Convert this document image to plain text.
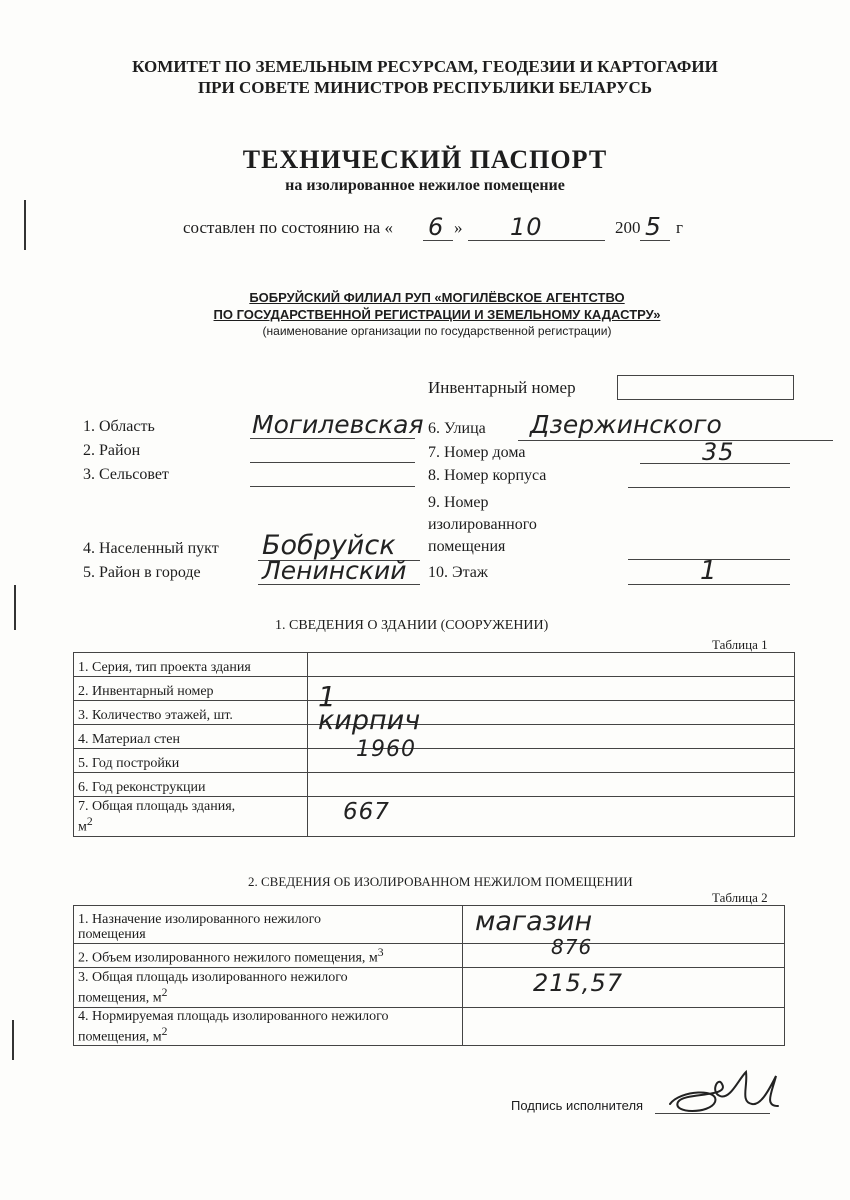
КОМИТЕТ ПО ЗЕМЕЛЬНЫМ РЕСУРСАМ, ГЕОДЕЗИИ И КАРТОГАФИИ
ПРИ СОВЕТЕ МИНИСТРОВ РЕСПУБЛИКИ БЕЛАРУСЬ
ТЕХНИЧЕСКИЙ ПАСПОРТ
на изолированное нежилое помещение
составлен по состоянию на « 6 » 10	200 5 г
БОБРУЙСКИЙ ФИЛИАЛ РУП «МОГИЛЁВСКОЕ АГЕНТСТВО
ПО ГОСУДАРСТВЕННОЙ РЕГИСТРАЦИИ И ЗЕМЕЛЬНОМУ КАДАСТРУ»
(наименование организации по государственной регистрации)
Инвентарный номер
1. Область	Могилевская
2. Район
3. Сельсовет
4. Населенный пукт Бобруйск
5. Район в городе Ленинский
6. Улица Дзержинского
7. Номер дома	35
8. Номер корпуса
9. Номер
изолированного
помещения
10. Этаж	1
1. СВЕДЕНИЯ О ЗДАНИИ (СООРУЖЕНИИ)
Таблица 1
1. Серия, тип проекта здания	
2. Инвентарный номер	
3. Количество этажей, шт.	1

4. Материал стен	кирпич

5. Год постройки	1960

6. Год реконструкции	
7. Общая площадь здания,
$м^2$	667
2. СВЕДЕНИЯ ОБ ИЗОЛИРОВАННОМ НЕЖИЛОМ ПОМЕЩЕНИИ
Таблица 2
1. Назначение изолированного нежилого
помещения	магазин

2. Объем изолированного нежилого помещения, $м^3$	876

3. Общая площадь изолированного нежилого
помещения, $м^2$	215,57

4. Нормируемая площадь изолированного нежилого
помещения, $м^2$	
Подпись исполнителя
